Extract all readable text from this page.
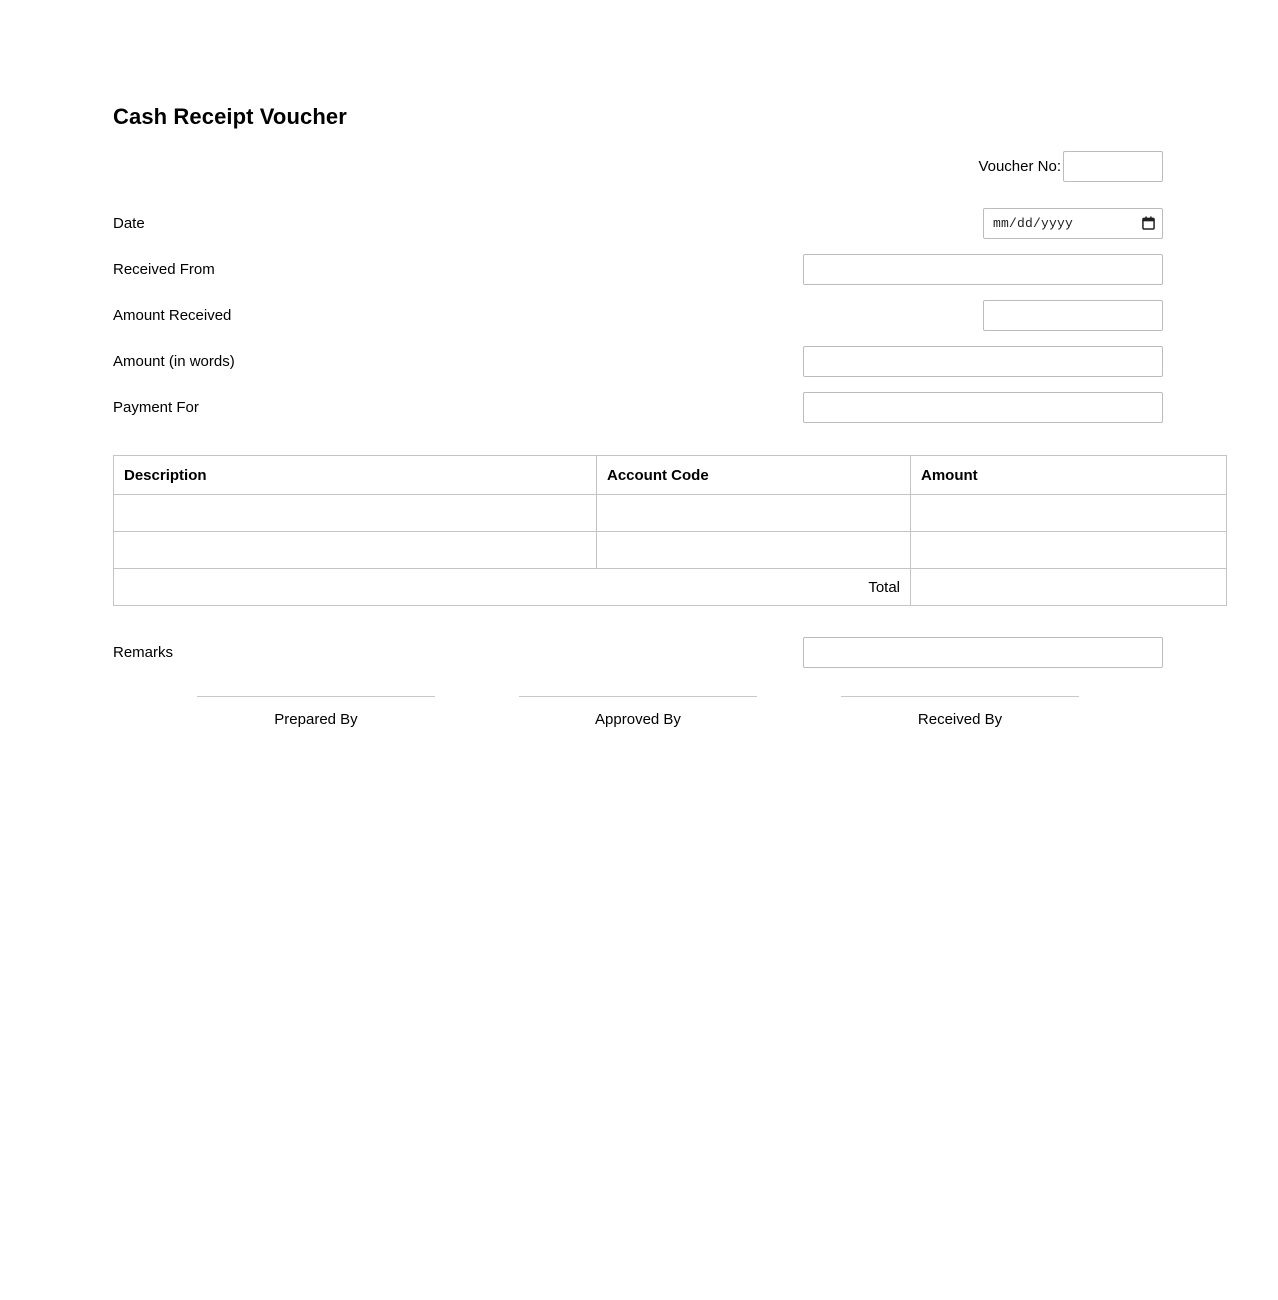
Cash Receipt Voucher
Voucher No:
Date	mm/dd/yyyy
Received From
Amount Received
Amount (in words)
Payment For
Description	Account Code	Amount

Total		
Remarks
Prepared By	Approved By	Received By
